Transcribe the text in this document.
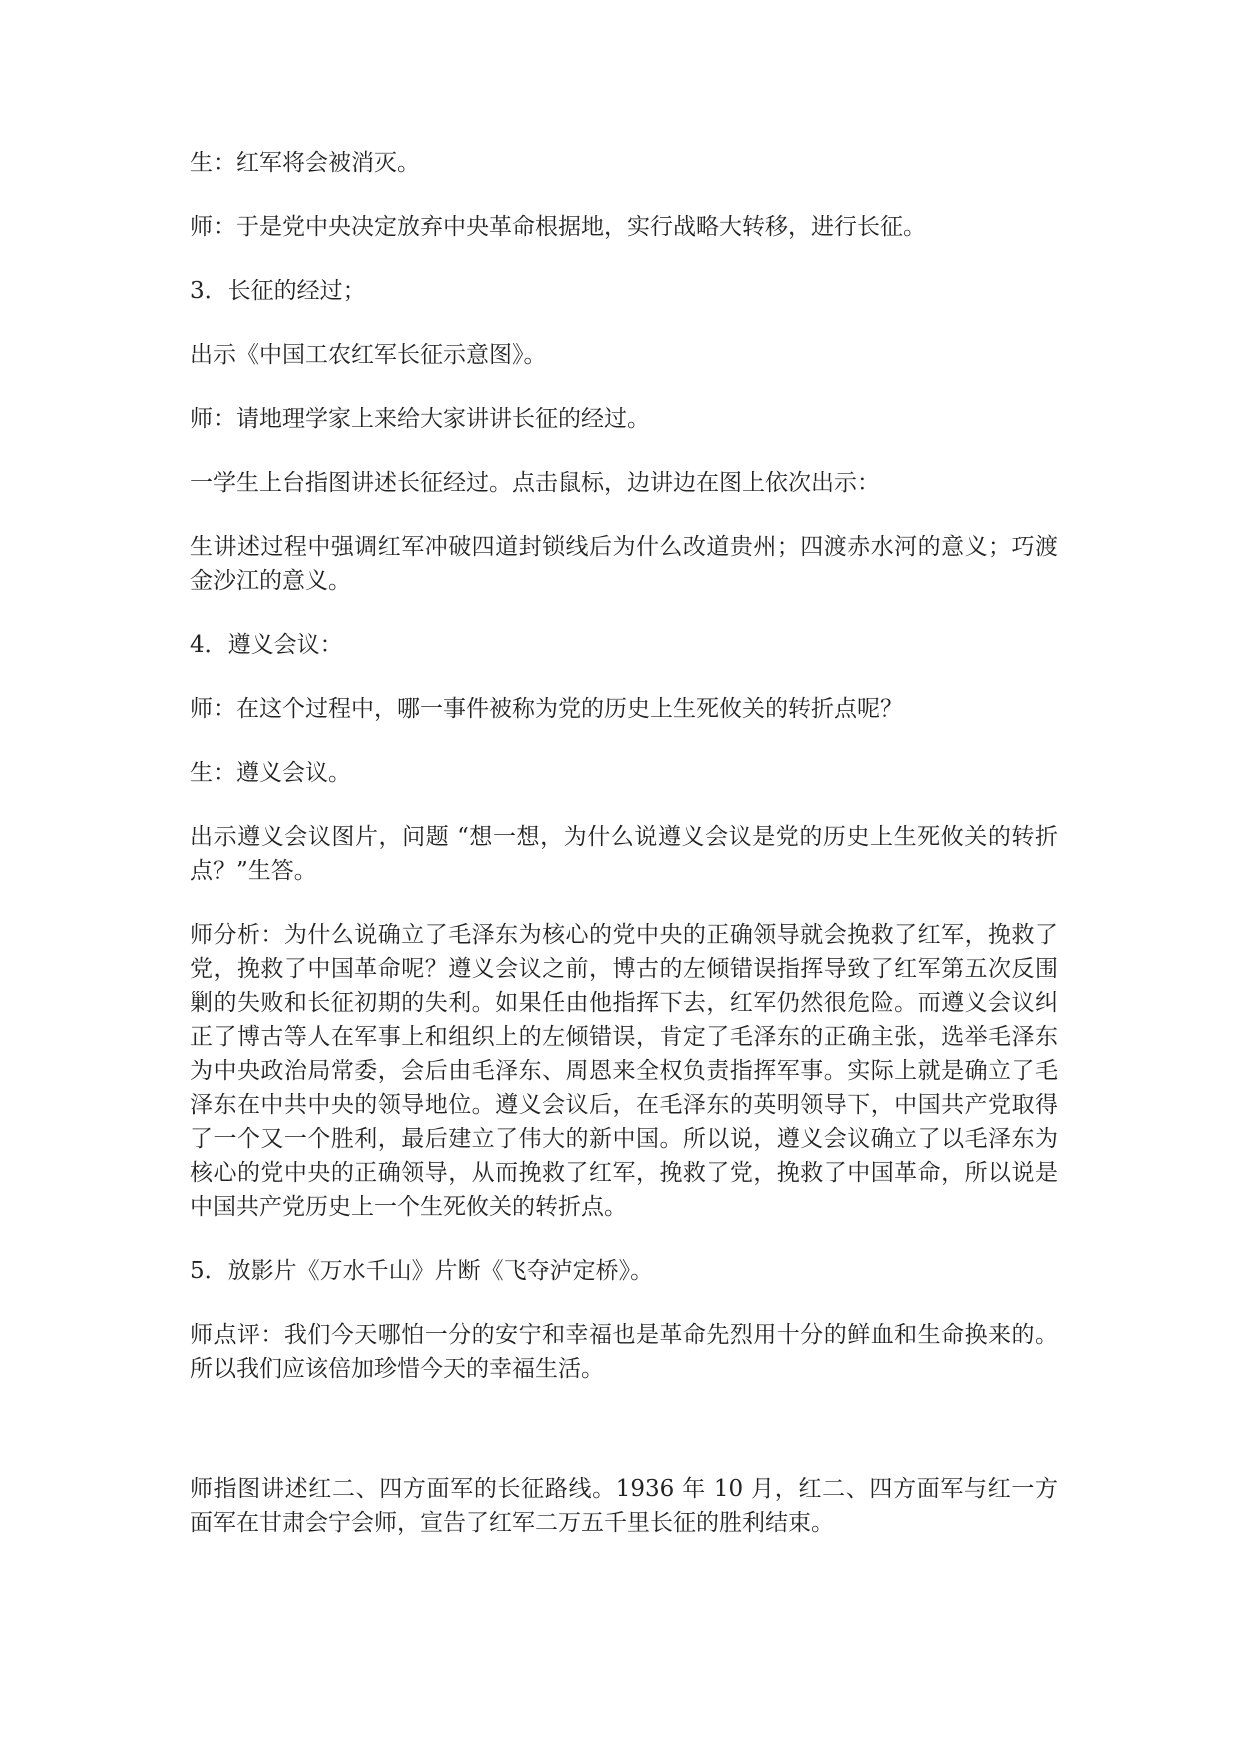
生：红军将会被消灭。

师：于是党中央决定放弃中央革命根据地，实行战略大转移，进行长征。

3．长征的经过；

出示《中国工农红军长征示意图》。

师：请地理学家上来给大家讲讲长征的经过。

一学生上台指图讲述长征经过。点击鼠标，边讲边在图上依次出示：

生讲述过程中强调红军冲破四道封锁线后为什么改道贵州；四渡赤水河的意义；巧渡金沙江的意义。

4．遵义会议：

师：在这个过程中，哪一事件被称为党的历史上生死攸关的转折点呢？

生：遵义会议。

出示遵义会议图片，问题 “想一想，为什么说遵义会议是党的历史上生死攸关的转折点？”生答。

师分析：为什么说确立了毛泽东为核心的党中央的正确领导就会挽救了红军，挽救了党，挽救了中国革命呢？遵义会议之前，博古的左倾错误指挥导致了红军第五次反围剿的失败和长征初期的失利。如果任由他指挥下去，红军仍然很危险。而遵义会议纠正了博古等人在军事上和组织上的左倾错误，肯定了毛泽东的正确主张，选举毛泽东为中央政治局常委，会后由毛泽东、周恩来全权负责指挥军事。实际上就是确立了毛泽东在中共中央的领导地位。遵义会议后，在毛泽东的英明领导下，中国共产党取得了一个又一个胜利，最后建立了伟大的新中国。所以说，遵义会议确立了以毛泽东为核心的党中央的正确领导，从而挽救了红军，挽救了党，挽救了中国革命，所以说是中国共产党历史上一个生死攸关的转折点。

5．放影片《万水千山》片断《飞夺泸定桥》。

师点评：我们今天哪怕一分的安宁和幸福也是革命先烈用十分的鲜血和生命换来的。所以我们应该倍加珍惜今天的幸福生活。

师指图讲述红二、四方面军的长征路线。1936 年 10 月，红二、四方面军与红一方面军在甘肃会宁会师，宣告了红军二万五千里长征的胜利结束。
